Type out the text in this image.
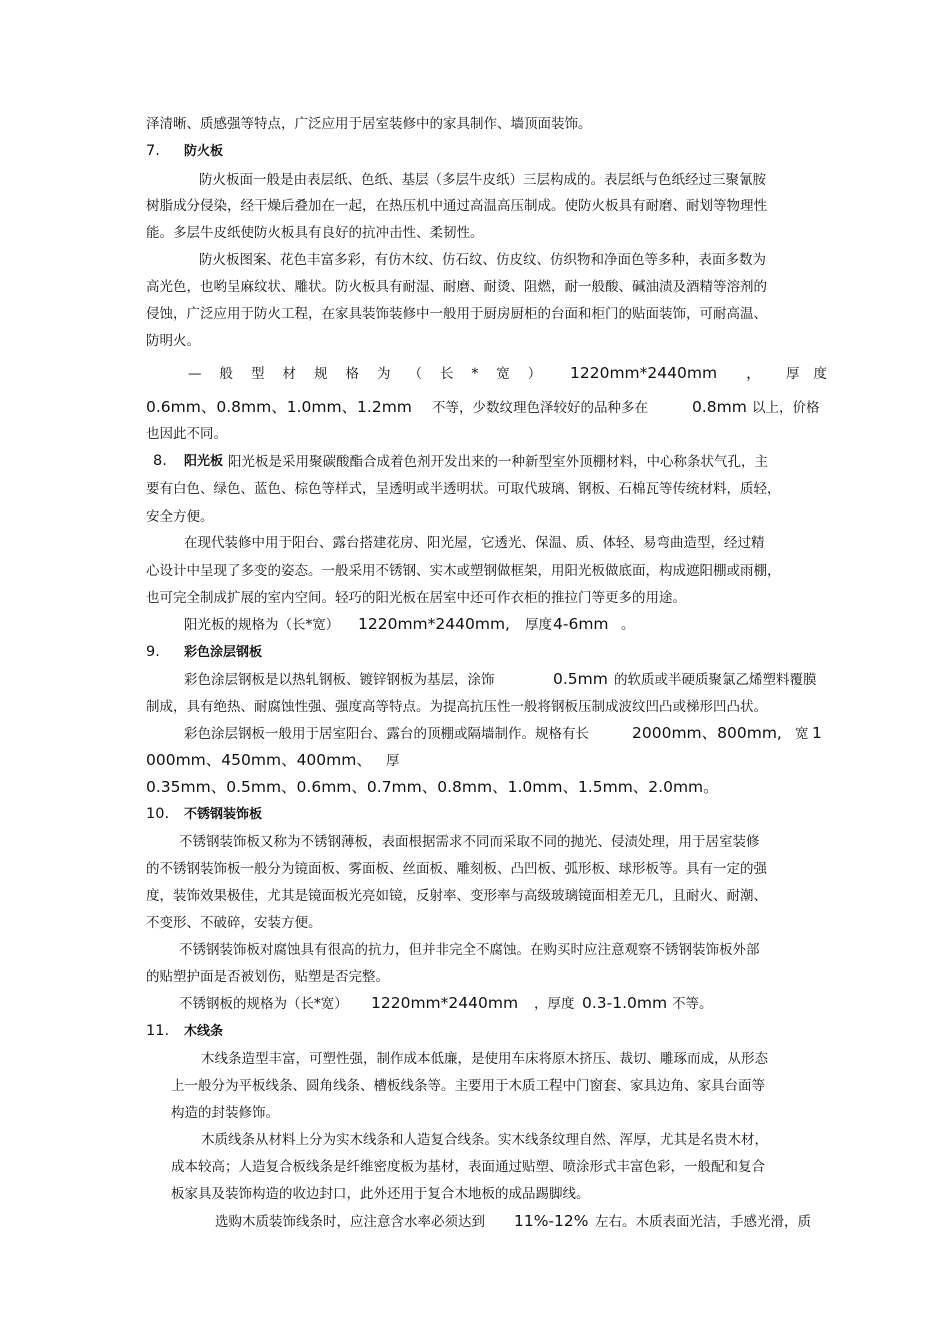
泽清晰、质感强等特点，广泛应用于居室装修中的家具制作、墙顶面装饰。
7. 防火板
防火板面一般是由表层纸、色纸、基层（多层牛皮纸）三层构成的。表层纸与色纸经过三聚氰胺
树脂成分侵染，经干燥后叠加在一起，在热压机中通过高温高压制成。使防火板具有耐磨、耐划等物理性
能。多层牛皮纸使防火板具有良好的抗冲击性、柔韧性。
防火板图案、花色丰富多彩，有仿木纹、仿石纹、仿皮纹、仿织物和净面色等多种，表面多数为
高光色，也哟呈麻纹状、雕状。防火板具有耐湿、耐磨、耐烫、阻燃，耐一般酸、碱油渍及酒精等溶剂的
侵蚀，广泛应用于防火工程，在家具装饰装修中一般用于厨房厨柜的台面和柜门的贴面装饰，可耐高温、
防明火。
—般型材规格为（长*宽） 1220mm*2440mm ， 厚度
0.6mm、0.8mm、1.0mm、1.2mm 不等，少数纹理色泽较好的品种多在	0.8mm 以上，价格
也因此不同。
8. 阳光板 阳光板是采用聚碳酸酯合成着色剂开发出来的一种新型室外顶棚材料，中心称条状气孔，主
要有白色、绿色、蓝色、棕色等样式，呈透明或半透明状。可取代玻璃、钢板、石棉瓦等传统材料，质轻，
安全方便。
在现代装修中用于阳台、露台搭建花房、阳光屋，它透光、保温、质、体轻、易弯曲造型，经过精
心设计中呈现了多变的姿态。一般采用不锈钢、实木或塑钢做框架，用阳光板做底面，构成遮阳棚或雨棚，
也可完全制成扩展的室内空间。轻巧的阳光板在居室中还可作衣柜的推拉门等更多的用途。
阳光板的规格为（长*宽） 1220mm*2440mm, 厚度 4-6mm 。
9. 彩色涂层钢板
彩色涂层钢板是以热轧钢板、镀锌钢板为基层，涂饰	0.5mm 的软质或半硬质聚氯乙烯塑料覆膜
制成，具有绝热、耐腐蚀性强、强度高等特点。为提高抗压性一般将钢板压制成波纹凹凸或梯形凹凸状。
彩色涂层钢板一般用于居室阳台、露台的顶棚或隔墙制作。规格有长	2000mm、800mm, 宽 1
000mm、450mm、400mm、 厚
0.35mm、0.5mm、0.6mm、0.7mm、0.8mm、1.0mm、1.5mm、2.0mm。
10. 不锈钢装饰板
不锈钢装饰板又称为不锈钢薄板，表面根据需求不同而采取不同的抛光、侵渍处理，用于居室装修
的不锈钢装饰板一般分为镜面板、雾面板、丝面板、雕刻板、凸凹板、弧形板、球形板等。具有一定的强
度，装饰效果极佳，尤其是镜面板光亮如镜，反射率、变形率与高级玻璃镜面相差无几，且耐火、耐潮、
不变形、不破碎，安装方便。
不锈钢装饰板对腐蚀具有很高的抗力，但并非完全不腐蚀。在购买时应注意观察不锈钢装饰板外部
的贴塑护面是否被划伤，贴塑是否完整。
不锈钢板的规格为（长*宽） 1220mm*2440mm ，厚度 0.3-1.0mm 不等。
11. 木线条
木线条造型丰富，可塑性强，制作成本低廉，是使用车床将原木挤压、裁切、雕琢而成，从形态
上一般分为平板线条、圆角线条、槽板线条等。主要用于木质工程中门窗套、家具边角、家具台面等
构造的封装修饰。
木质线条从材料上分为实木线条和人造复合线条。实木线条纹理自然、浑厚，尤其是名贵木材，
成本较高；人造复合板线条是纤维密度板为基材，表面通过贴塑、喷涂形式丰富色彩，一般配和复合
板家具及装饰构造的收边封口，此外还用于复合木地板的成品踢脚线。
选购木质装饰线条时，应注意含水率必须达到 11%-12% 左右。木质表面光洁，手感光滑，质
